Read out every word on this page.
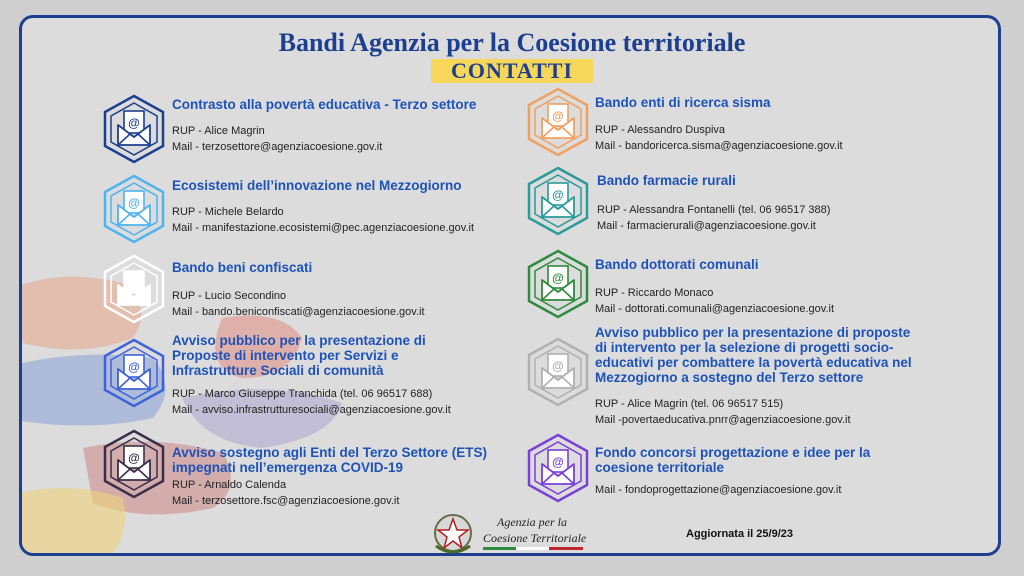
Bandi Agenzia per la Coesione territoriale
CONTATTI
@
Contrasto alla povertà educativa - Terzo settore
RUP - Alice Magrin
Mail - terzosettore@agenziacoesione.gov.it
@
Ecosistemi dell’innovazione nel Mezzogiorno
RUP - Michele Belardo
Mail - manifestazione.ecosistemi@pec.agenziacoesione.gov.it
@
Bando beni confiscati
RUP - Lucio Secondino
Mail - bando.beniconfiscati@agenziacoesione.gov.it
@
Avviso pubblico per la presentazione di Proposte di intervento per Servizi e Infrastrutture Sociali di comunità
RUP - Marco Giuseppe Tranchida (tel. 06 96517 688)
Mail - avviso.infrastrutturesociali@agenziacoesione.gov.it
@ Avviso sostegno agli Enti del Terzo Settore (ETS) impegnati nell’emergenza COVID-19
RUP - Arnaldo Calenda
Mail - terzosettore.fsc@agenziacoesione.gov.it
@
Bando enti di ricerca sisma
RUP - Alessandro Duspiva
Mail - bandoricerca.sisma@agenziacoesione.gov.it
@
Bando farmacie rurali
RUP - Alessandra Fontanelli (tel. 06 96517 388)
Mail - farmacierurali@agenziacoesione.gov.it
@
Bando dottorati comunali
RUP - Riccardo Monaco
Mail - dottorati.comunali@agenziacoesione.gov.it
@
Avviso pubblico per la presentazione di proposte di intervento per la selezione di progetti socio-educativi per combattere la povertà educativa nel Mezzogiorno a sostegno del Terzo settore
RUP - Alice Magrin (tel. 06 96517 515)
Mail -povertaeducativa.pnrr@agenziacoesione.gov.it
@
Fondo concorsi progettazione e idee per la coesione territoriale
Mail - fondoprogettazione@agenziacoesione.gov.it
Agenzia per la
Coesione Territoriale	Aggiornata il 25/9/23
